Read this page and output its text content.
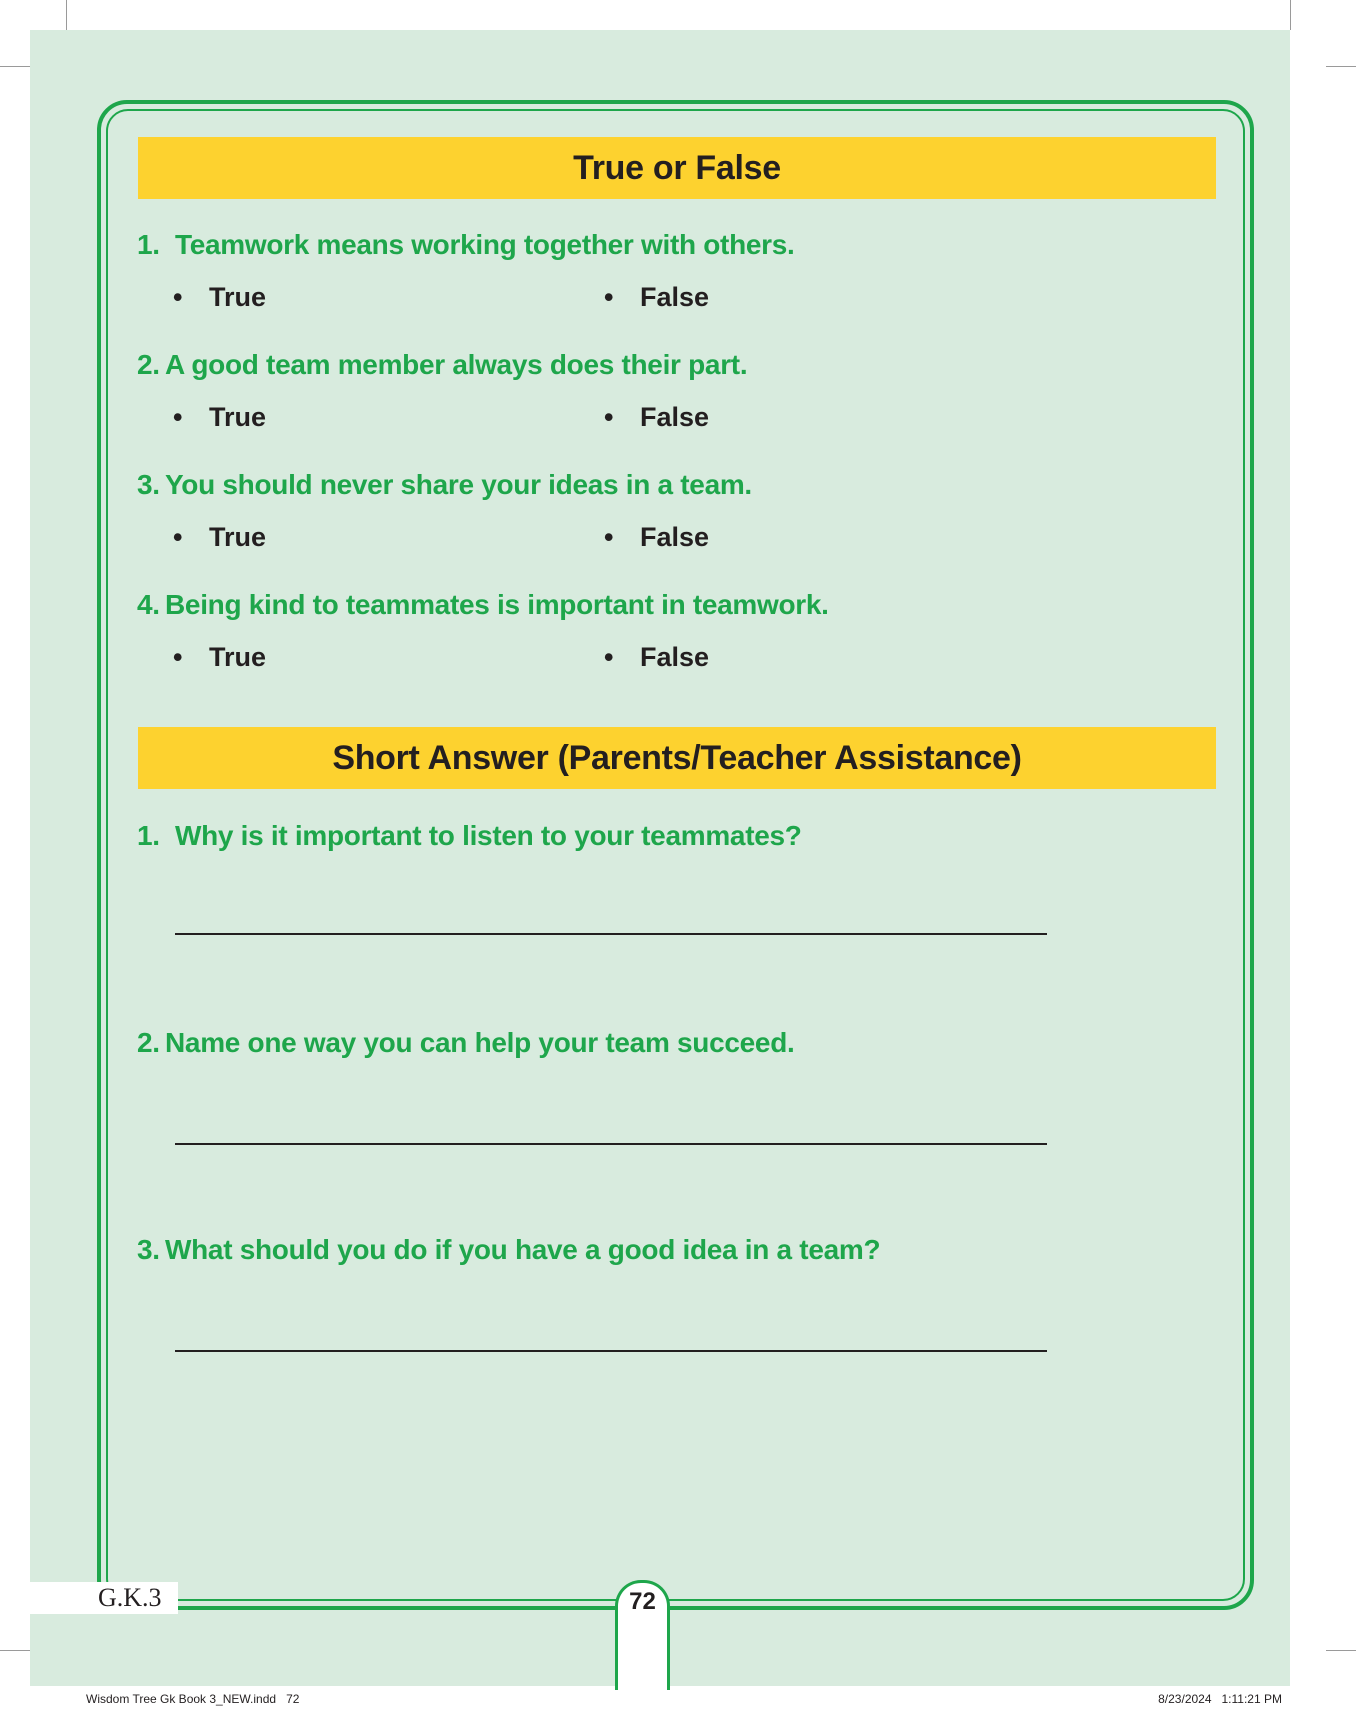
True or False
1. Teamwork means working together with others.
• True	• False
2. A good team member always does their part.
• True	• False
3. You should never share your ideas in a team.
• True	• False
4. Being kind to teammates is important in teamwork.
• True	• False
Short Answer (Parents/Teacher Assistance)
1. Why is it important to listen to your teammates?
2. Name one way you can help your team succeed.
3. What should you do if you have a good idea in a team?
G.K.3	72
Wisdom Tree Gk Book 3_NEW.indd   72	8/23/2024   1:11:21 PM
